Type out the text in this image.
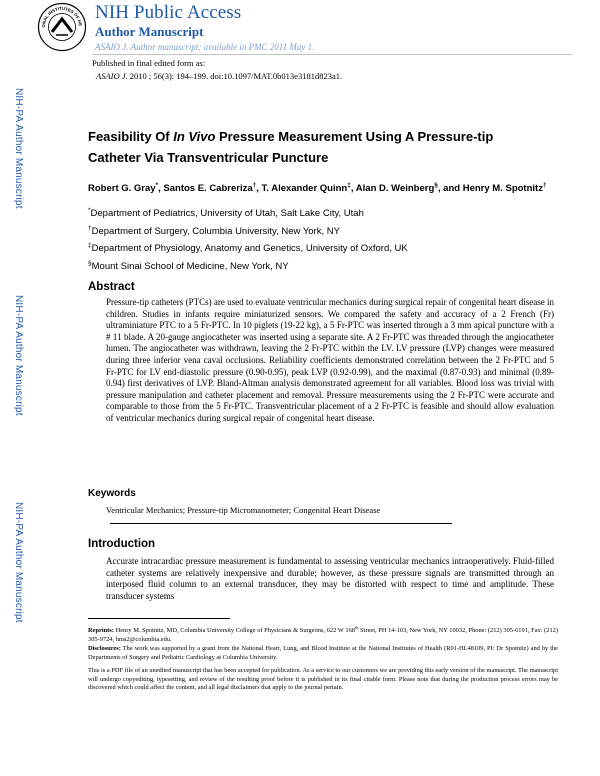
ONAL INSTITUTES OF HE
NIH Public Access
Author Manuscript
ASAIO J. Author manuscript; available in PMC 2011 May 1.
Published in final edited form as:
ASAIO J. 2010 ; 56(3): 194–199. doi:10.1097/MAT.0b013e3181d823a1.
NIH-PA Author Manuscript
NIH-PA Author Manuscript
NIH-PA Author Manuscript
Feasibility Of In Vivo Pressure Measurement Using A Pressure-tip Catheter Via Transventricular Puncture
Robert G. Gray*, Santos E. Cabreriza†, T. Alexander Quinn‡, Alan D. Weinberg§, and Henry M. Spotnitz†
*Department of Pediatrics, University of Utah, Salt Lake City, Utah
†Department of Surgery, Columbia University, New York, NY
‡Department of Physiology, Anatomy and Genetics, University of Oxford, UK
§Mount Sinai School of Medicine, New York, NY
Abstract
Pressure-tip catheters (PTCs) are used to evaluate ventricular mechanics during surgical repair of congenital heart disease in children. Studies in infants require miniaturized sensors. We compared the safety and accuracy of a 2 French (Fr) ultraminiature PTC to a 5 Fr-PTC. In 10 piglets (19-22 kg), a 5 Fr-PTC was inserted through a 3 mm apical puncture with a # 11 blade. A 20-gauge angiocatheter was inserted using a separate site. A 2 Fr-PTC was threaded through the angiocatheter lumen. The angiocatheter was withdrawn, leaving the 2 Fr-PTC within the LV. LV pressure (LVP) changes were measured during three inferior vena caval occlusions. Reliability coefficients demonstrated correlation between the 2 Fr-PTC and 5 Fr-PTC for LV end-diastolic pressure (0.90-0.95), peak LVP (0.92-0.99), and the maximal (0.87-0.93) and minimal (0.89-0.94) first derivatives of LVP. Bland-Altman analysis demonstrated agreement for all variables. Blood loss was trivial with pressure manipulation and catheter placement and removal. Pressure measurements using the 2 Fr-PTC were accurate and comparable to those from the 5 Fr-PTC. Transventricular placement of a 2 Fr-PTC is feasible and should allow evaluation of ventricular mechanics during surgical repair of congenital heart disease.
Keywords
Ventricular Mechanics; Pressure-tip Micromanometer; Congenital Heart Disease
Introduction
Accurate intracardiac pressure measurement is fundamental to assessing ventricular mechanics intraoperatively. Fluid-filled catheter systems are relatively inexpensive and durable; however, as these pressure signals are transmitted through an interposed fluid column to an external transducer, they may be distorted with respect to time and amplitude. These transducer systems
Reprints: Henry M. Spotnitz, MD, Columbia University College of Physicians & Surgeons, 622 W 168th Street, PH 14-103, New York, NY 10032, Phone: (212) 305-6191, Fax: (212) 305-9724, hms2@columbia.edu.
Disclosures: The work was supported by a grant from the National Heart, Lung, and Blood Institute at the National Institutes of Health (R01-HL48109, PI: Dr Spotnitz) and by the Departments of Surgery and Pediatric Cardiology at Columbia University.
This is a PDF file of an unedited manuscript that has been accepted for publication. As a service to our customers we are providing this early version of the manuscript. The manuscript will undergo copyediting, typesetting, and review of the resulting proof before it is published in its final citable form. Please note that during the production process errors may be discovered which could affect the content, and all legal disclaimers that apply to the journal pertain.
